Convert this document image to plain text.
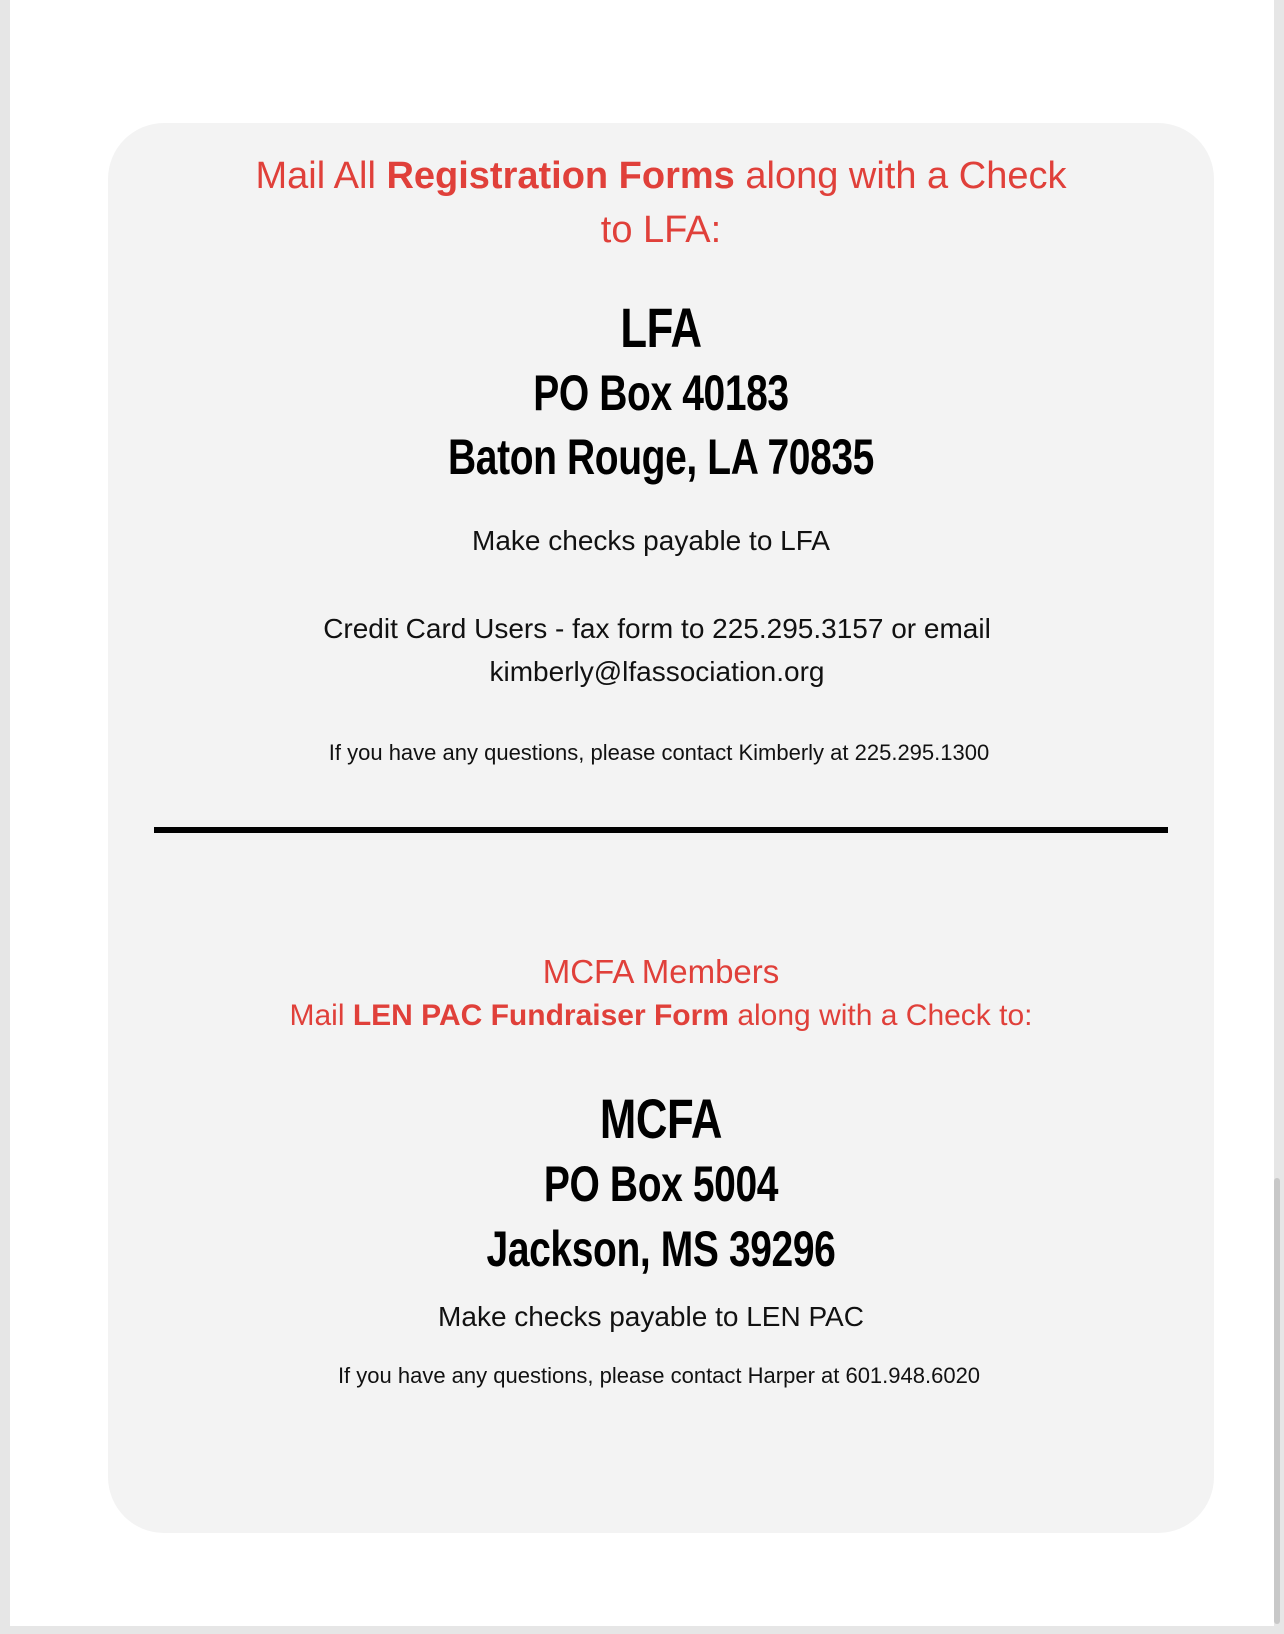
Mail All Registration Forms along with a Check
to LFA:
LFA
PO Box 40183
Baton Rouge, LA 70835
Make checks payable to LFA
Credit Card Users - fax form to 225.295.3157 or email
kimberly@lfassociation.org
If you have any questions, please contact Kimberly at 225.295.1300
MCFA Members
Mail LEN PAC Fundraiser Form along with a Check to:
MCFA
PO Box 5004
Jackson, MS 39296
Make checks payable to LEN PAC
If you have any questions, please contact Harper at 601.948.6020
